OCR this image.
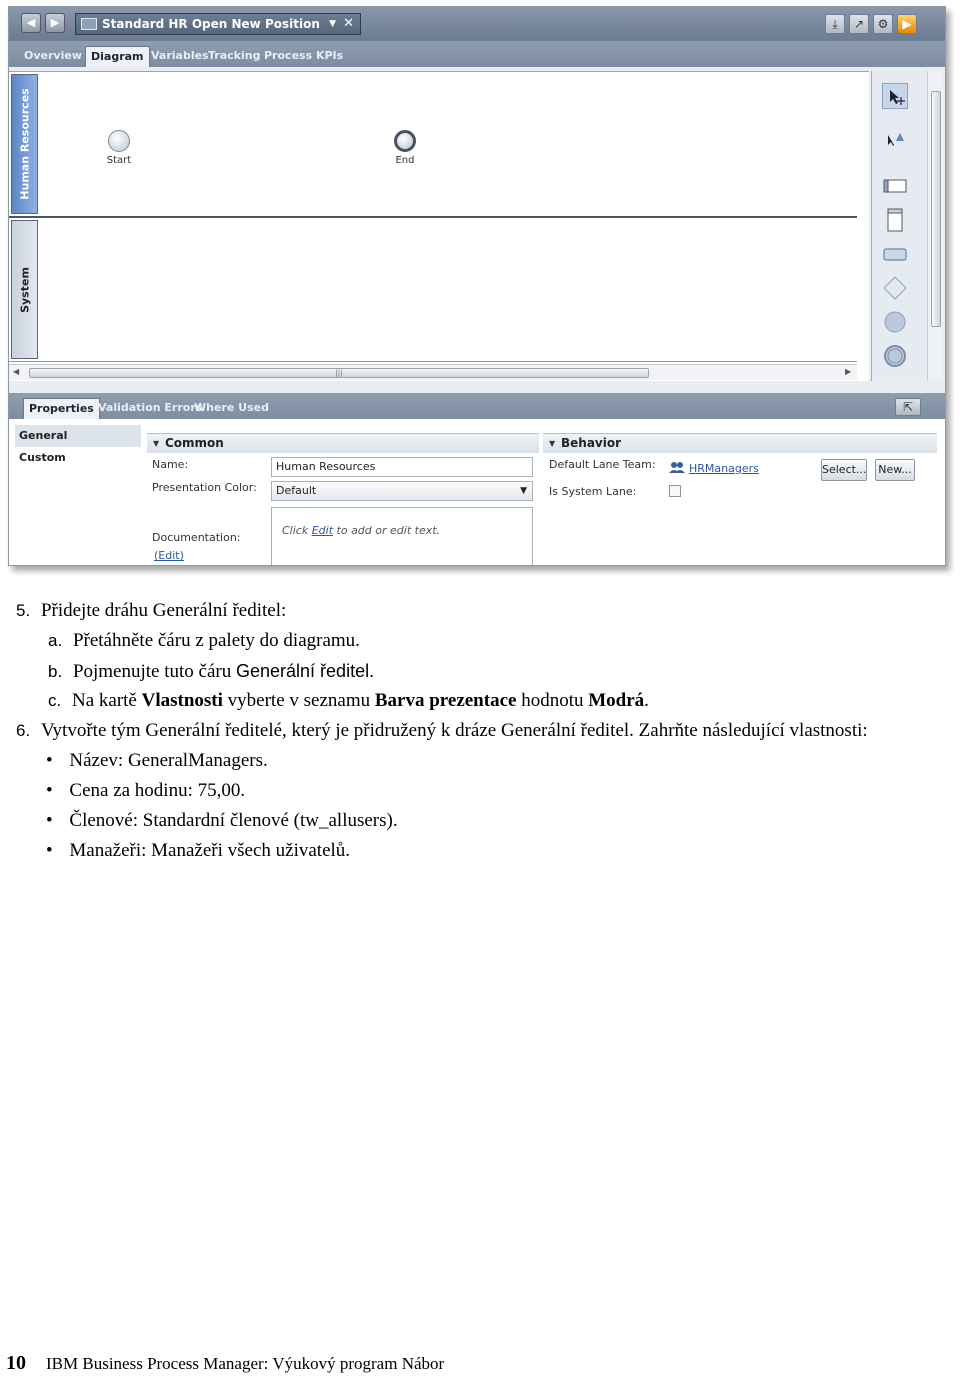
◀	▶	Standard HR Open New Position ▼ ✕	⤓	↗	⚙	▶
Overview Diagram Variables Tracking Process KPIs
Human Resources	Start	End
System
◀	|||	▶
Properties Validation Errors
Where Used	⇱
General
Custom
▼ Common
Name:	Human Resources
Presentation Color:	Default	▼
Documentation:
(Edit)
Click Edit to add or edit text.
▼ Behavior
Default Lane Team:	HRManagers	Select... New...
Is System Lane:
5. Přidejte dráhu Generální ředitel:
a. Přetáhněte čáru z palety do diagramu.
b. Pojmenujte tuto čáru Generální ředitel.
c. Na kartě Vlastnosti vyberte v seznamu Barva prezentace hodnotu Modrá.
6. Vytvořte tým Generální ředitelé, který je přidružený k dráze Generální ředitel. Zahrňte následující vlastnosti:
• Název: GeneralManagers.
• Cena za hodinu: 75,00.
• Členové: Standardní členové (tw_allusers).
• Manažeři: Manažeři všech uživatelů.
10 IBM Business Process Manager: Výukový program Nábor
